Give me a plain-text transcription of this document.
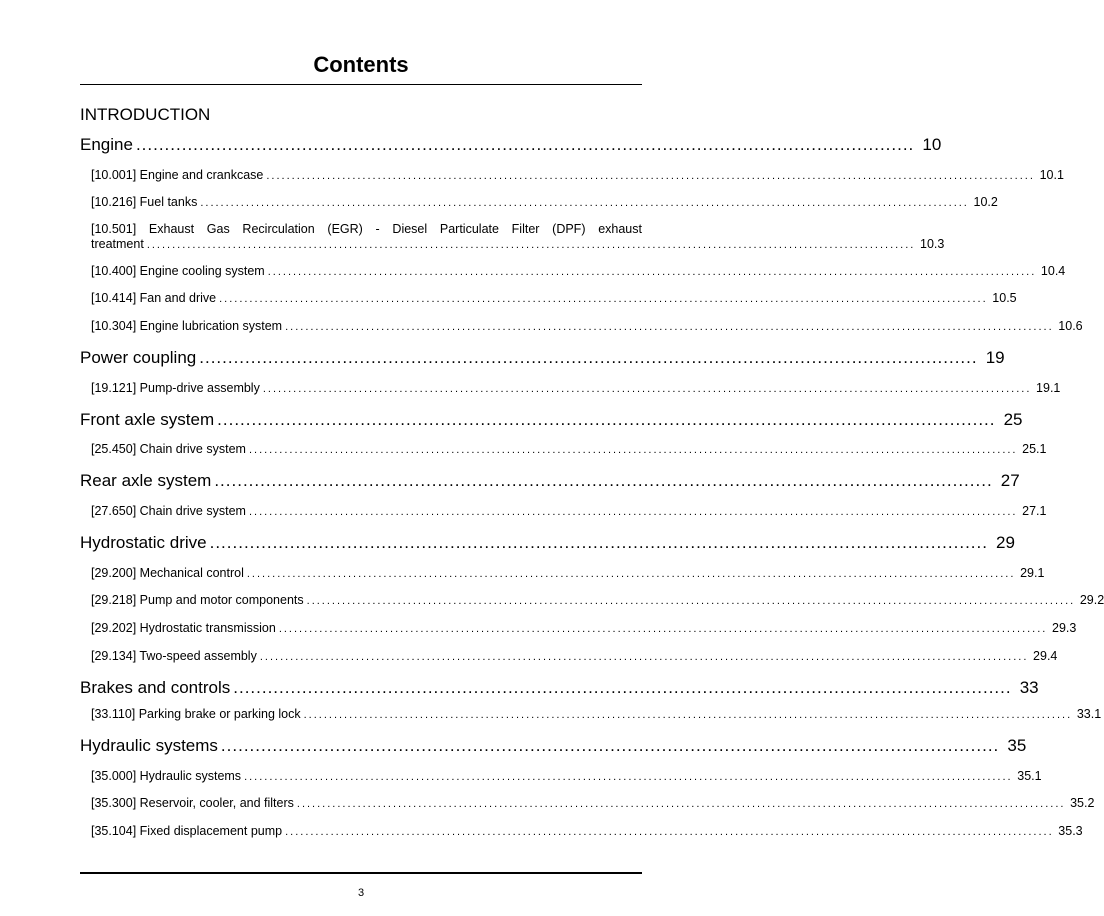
Contents
INTRODUCTION
Engine ........................................................................................................................................ 10
[10.001] Engine and crankcase ........................................................................................................................................................ 10.1
[10.216] Fuel tanks ........................................................................................................................................................ 10.2
[10.501] Exhaust Gas Recirculation (EGR) - Diesel Particulate Filter (DPF) exhaust
treatment ........................................................................................................................................................ 10.3
[10.400] Engine cooling system ........................................................................................................................................................ 10.4
[10.414] Fan and drive ........................................................................................................................................................ 10.5
[10.304] Engine lubrication system ........................................................................................................................................................ 10.6
Power coupling ........................................................................................................................................ 19
[19.121] Pump-drive assembly ........................................................................................................................................................ 19.1
Front axle system ........................................................................................................................................ 25
[25.450] Chain drive system ........................................................................................................................................................ 25.1
Rear axle system ........................................................................................................................................ 27
[27.650] Chain drive system ........................................................................................................................................................ 27.1
Hydrostatic drive ........................................................................................................................................ 29
[29.200] Mechanical control ........................................................................................................................................................ 29.1
[29.218] Pump and motor components ........................................................................................................................................................ 29.2
[29.202] Hydrostatic transmission ........................................................................................................................................................ 29.3
[29.134] Two-speed assembly ........................................................................................................................................................ 29.4
Brakes and controls ........................................................................................................................................ 33
[33.110] Parking brake or parking lock ........................................................................................................................................................ 33.1
Hydraulic systems ........................................................................................................................................ 35
[35.000] Hydraulic systems ........................................................................................................................................................ 35.1
[35.300] Reservoir, cooler, and filters ........................................................................................................................................................ 35.2
[35.104] Fixed displacement pump ........................................................................................................................................................ 35.3
3
